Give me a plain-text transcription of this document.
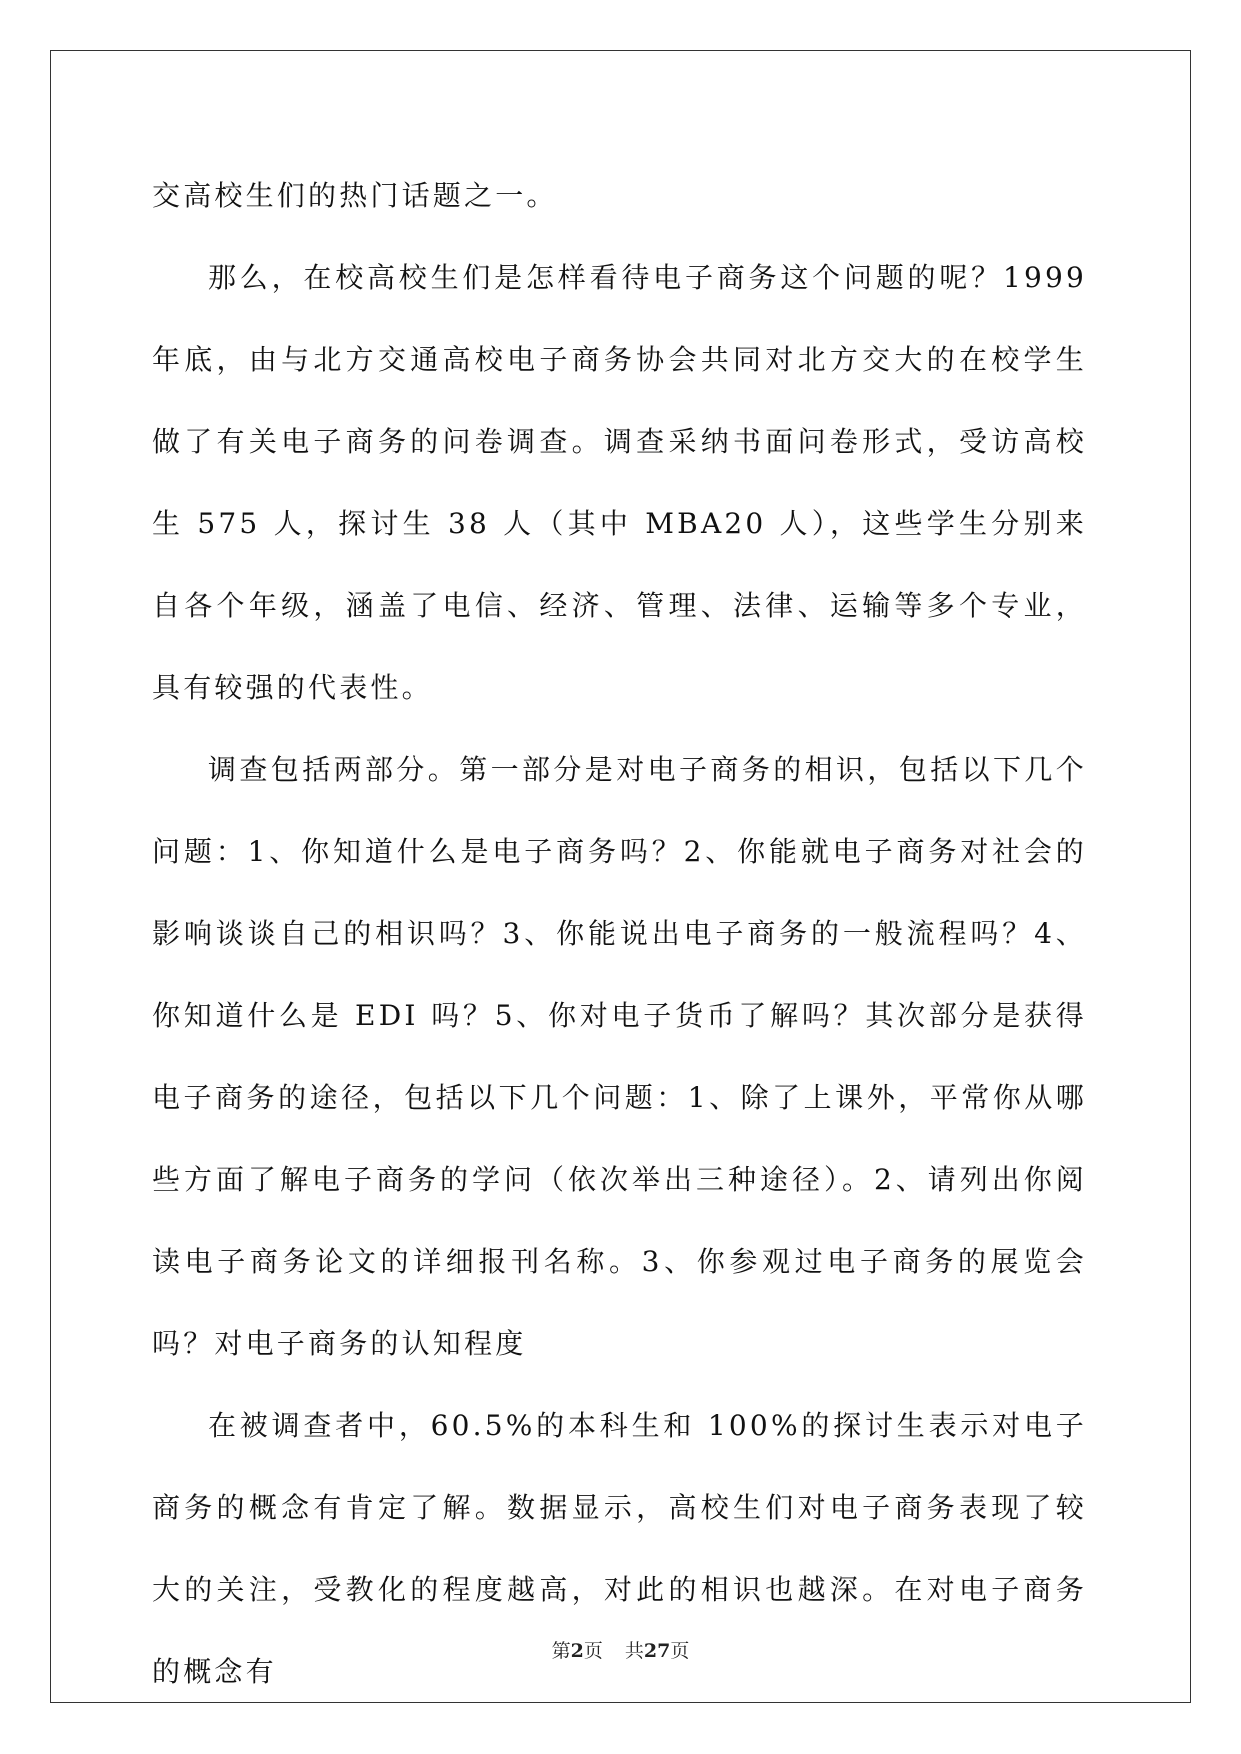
交高校生们的热门话题之一。

那么，在校高校生们是怎样看待电子商务这个问题的呢？1999 年底，由与北方交通高校电子商务协会共同对北方交大的在校学生做了有关电子商务的问卷调查。调查采纳书面问卷形式，受访高校生 575 人，探讨生 38 人（其中 MBA20 人），这些学生分别来自各个年级，涵盖了电信、经济、管理、法律、运输等多个专业，具有较强的代表性。

调查包括两部分。第一部分是对电子商务的相识，包括以下几个问题：1、你知道什么是电子商务吗？2、你能就电子商务对社会的影响谈谈自己的相识吗？3、你能说出电子商务的一般流程吗？4、你知道什么是 EDI 吗？5、你对电子货币了解吗？其次部分是获得电子商务的途径，包括以下几个问题：1、除了上课外，平常你从哪些方面了解电子商务的学问（依次举出三种途径）。2、请列出你阅读电子商务论文的详细报刊名称。3、你参观过电子商务的展览会吗？对电子商务的认知程度

在被调查者中，60.5%的本科生和 100%的探讨生表示对电子商务的概念有肯定了解。数据显示，高校生们对电子商务表现了较大的关注，受教化的程度越高，对此的相识也越深。在对电子商务的概念有

第2页 共27页
